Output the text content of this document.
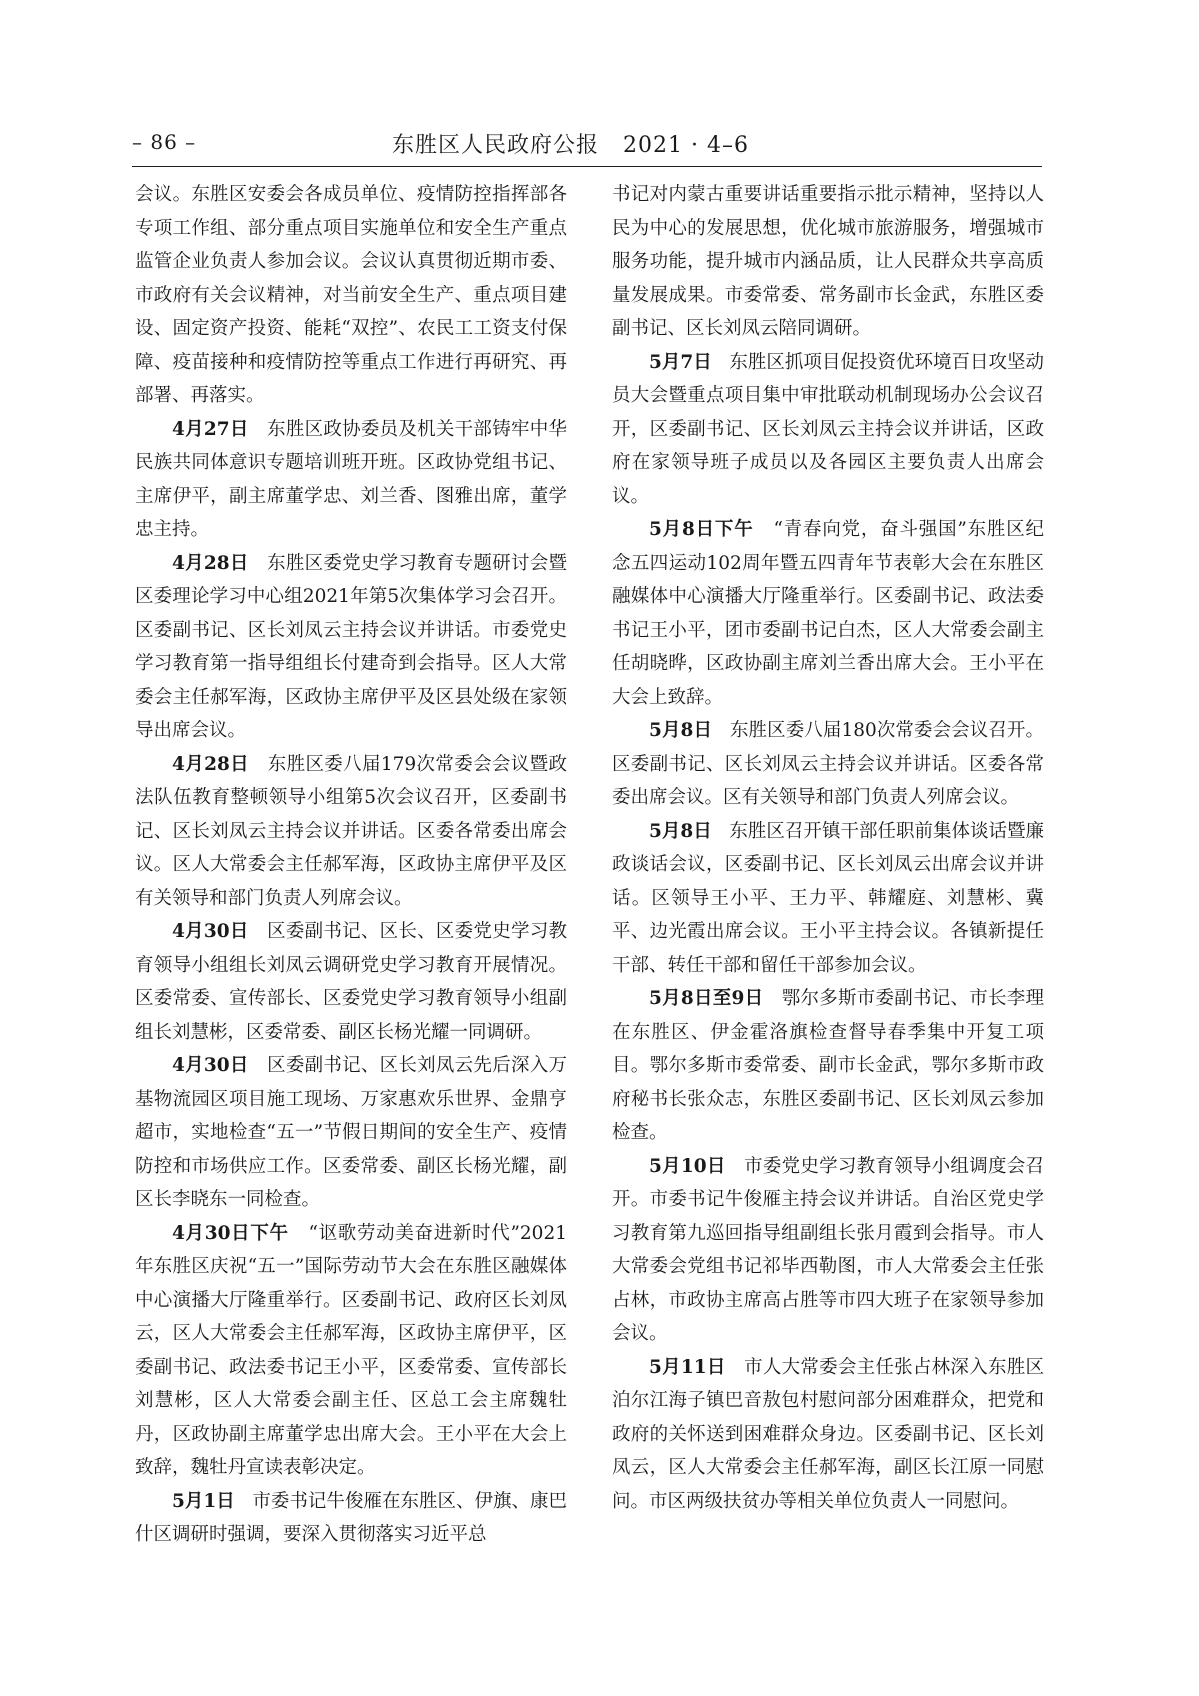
– 86 –	东胜区人民政府公报 2021 · 4–6

会议。东胜区安委会各成员单位、疫情防控指挥部各专项工作组、部分重点项目实施单位和安全生产重点监管企业负责人参加会议。会议认真贯彻近期市委、市政府有关会议精神，对当前安全生产、重点项目建设、固定资产投资、能耗“双控”、农民工工资支付保障、疫苗接种和疫情防控等重点工作进行再研究、再部署、再落实。

4月27日 东胜区政协委员及机关干部铸牢中华民族共同体意识专题培训班开班。区政协党组书记、主席伊平，副主席董学忠、刘兰香、图雅出席，董学忠主持。

4月28日 东胜区委党史学习教育专题研讨会暨区委理论学习中心组2021年第5次集体学习会召开。区委副书记、区长刘凤云主持会议并讲话。市委党史学习教育第一指导组组长付建奇到会指导。区人大常委会主任郝军海，区政协主席伊平及区县处级在家领导出席会议。

4月28日 东胜区委八届179次常委会会议暨政法队伍教育整顿领导小组第5次会议召开，区委副书记、区长刘凤云主持会议并讲话。区委各常委出席会议。区人大常委会主任郝军海，区政协主席伊平及区有关领导和部门负责人列席会议。

4月30日 区委副书记、区长、区委党史学习教育领导小组组长刘凤云调研党史学习教育开展情况。区委常委、宣传部长、区委党史学习教育领导小组副组长刘慧彬，区委常委、副区长杨光耀一同调研。

4月30日 区委副书记、区长刘凤云先后深入万基物流园区项目施工现场、万家惠欢乐世界、金鼎亨超市，实地检查“五一”节假日期间的安全生产、疫情防控和市场供应工作。区委常委、副区长杨光耀，副区长李晓东一同检查。

4月30日下午 “讴歌劳动美奋进新时代”2021年东胜区庆祝“五一”国际劳动节大会在东胜区融媒体中心演播大厅隆重举行。区委副书记、政府区长刘凤云，区人大常委会主任郝军海，区政协主席伊平，区委副书记、政法委书记王小平，区委常委、宣传部长刘慧彬，区人大常委会副主任、区总工会主席魏牡丹，区政协副主席董学忠出席大会。王小平在大会上致辞，魏牡丹宣读表彰决定。

5月1日 市委书记牛俊雁在东胜区、伊旗、康巴什区调研时强调，要深入贯彻落实习近平总

书记对内蒙古重要讲话重要指示批示精神，坚持以人民为中心的发展思想，优化城市旅游服务，增强城市服务功能，提升城市内涵品质，让人民群众共享高质量发展成果。市委常委、常务副市长金武，东胜区委副书记、区长刘凤云陪同调研。

5月7日 东胜区抓项目促投资优环境百日攻坚动员大会暨重点项目集中审批联动机制现场办公会议召开，区委副书记、区长刘凤云主持会议并讲话，区政府在家领导班子成员以及各园区主要负责人出席会议。

5月8日下午 “青春向党，奋斗强国”东胜区纪念五四运动102周年暨五四青年节表彰大会在东胜区融媒体中心演播大厅隆重举行。区委副书记、政法委书记王小平，团市委副书记白杰，区人大常委会副主任胡晓晔，区政协副主席刘兰香出席大会。王小平在大会上致辞。

5月8日 东胜区委八届180次常委会会议召开。区委副书记、区长刘凤云主持会议并讲话。区委各常委出席会议。区有关领导和部门负责人列席会议。

5月8日 东胜区召开镇干部任职前集体谈话暨廉政谈话会议，区委副书记、区长刘凤云出席会议并讲话。区领导王小平、王力平、韩耀庭、刘慧彬、冀平、边光霞出席会议。王小平主持会议。各镇新提任干部、转任干部和留任干部参加会议。

5月8日至9日 鄂尔多斯市委副书记、市长李理在东胜区、伊金霍洛旗检查督导春季集中开复工项目。鄂尔多斯市委常委、副市长金武，鄂尔多斯市政府秘书长张众志，东胜区委副书记、区长刘凤云参加检查。

5月10日 市委党史学习教育领导小组调度会召开。市委书记牛俊雁主持会议并讲话。自治区党史学习教育第九巡回指导组副组长张月霞到会指导。市人大常委会党组书记祁毕西勒图，市人大常委会主任张占林，市政协主席高占胜等市四大班子在家领导参加会议。

5月11日 市人大常委会主任张占林深入东胜区泊尔江海子镇巴音敖包村慰问部分困难群众，把党和政府的关怀送到困难群众身边。区委副书记、区长刘凤云，区人大常委会主任郝军海，副区长江原一同慰问。市区两级扶贫办等相关单位负责人一同慰问。
